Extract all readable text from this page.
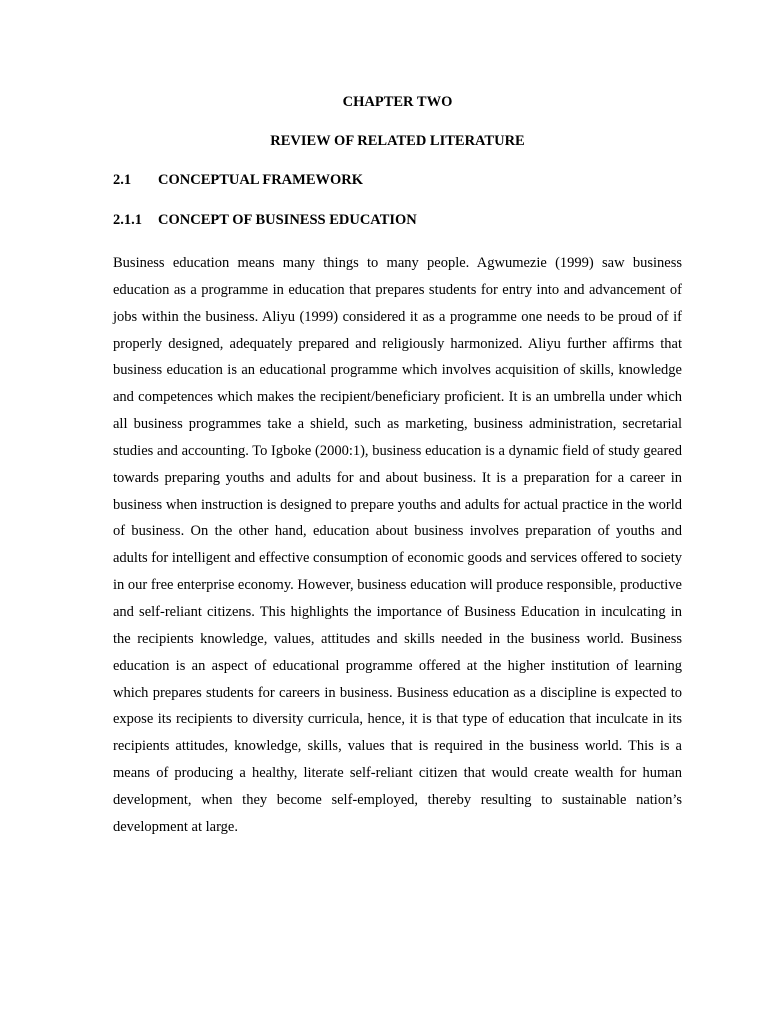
CHAPTER TWO

REVIEW OF RELATED LITERATURE

2.1	CONCEPTUAL FRAMEWORK
2.1.1	CONCEPT OF BUSINESS EDUCATION

Business education means many things to many people. Agwumezie (1999) saw business education as a programme in education that prepares students for entry into and advancement of jobs within the business. Aliyu (1999) considered it as a programme one needs to be proud of if properly designed, adequately prepared and religiously harmonized. Aliyu further affirms that business education is an educational programme which involves acquisition of skills, knowledge and competences which makes the recipient/beneficiary proficient. It is an umbrella under which all business programmes take a shield, such as marketing, business administration, secretarial studies and accounting. To Igboke (2000:1), business education is a dynamic field of study geared towards preparing youths and adults for and about business. It is a preparation for a career in business when instruction is designed to prepare youths and adults for actual practice in the world of business. On the other hand, education about business involves preparation of youths and adults for intelligent and effective consumption of economic goods and services offered to society in our free enterprise economy. However, business education will produce responsible, productive and self-reliant citizens. This highlights the importance of Business Education in inculcating in the recipients knowledge, values, attitudes and skills needed in the business world. Business education is an aspect of educational programme offered at the higher institution of learning which prepares students for careers in business. Business education as a discipline is expected to expose its recipients to diversity curricula, hence, it is that type of education that inculcate in its recipients attitudes, knowledge, skills, values that is required in the business world. This is a means of producing a healthy, literate self-reliant citizen that would create wealth for human development, when they become self-employed, thereby resulting to sustainable nation’s development at large.
